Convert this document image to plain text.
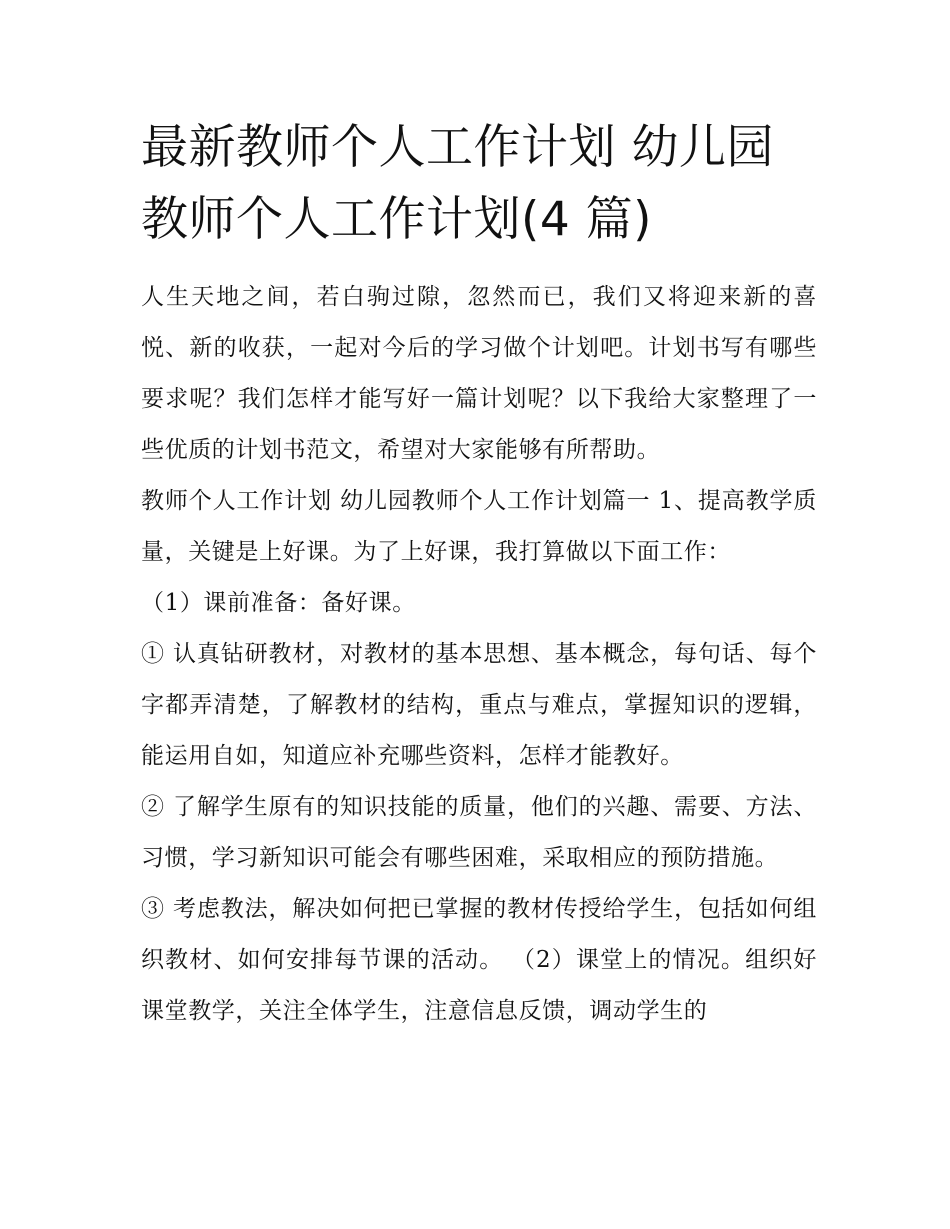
最新教师个人工作计划 幼儿园教师个人工作计划(4 篇)

人生天地之间，若白驹过隙，忽然而已，我们又将迎来新的喜悦、新的收获，一起对今后的学习做个计划吧。计划书写有哪些要求呢？我们怎样才能写好一篇计划呢？以下我给大家整理了一些优质的计划书范文，希望对大家能够有所帮助。

教师个人工作计划 幼儿园教师个人工作计划篇一 1、提高教学质量，关键是上好课。为了上好课，我打算做以下面工作：

（1）课前准备：备好课。

① 认真钻研教材，对教材的基本思想、基本概念，每句话、每个字都弄清楚，了解教材的结构，重点与难点，掌握知识的逻辑，能运用自如，知道应补充哪些资料，怎样才能教好。

② 了解学生原有的知识技能的质量，他们的兴趣、需要、方法、习惯，学习新知识可能会有哪些困难，采取相应的预防措施。

③ 考虑教法，解决如何把已掌握的教材传授给学生，包括如何组织教材、如何安排每节课的活动。 （2）课堂上的情况。组织好课堂教学，关注全体学生，注意信息反馈，调动学生的
